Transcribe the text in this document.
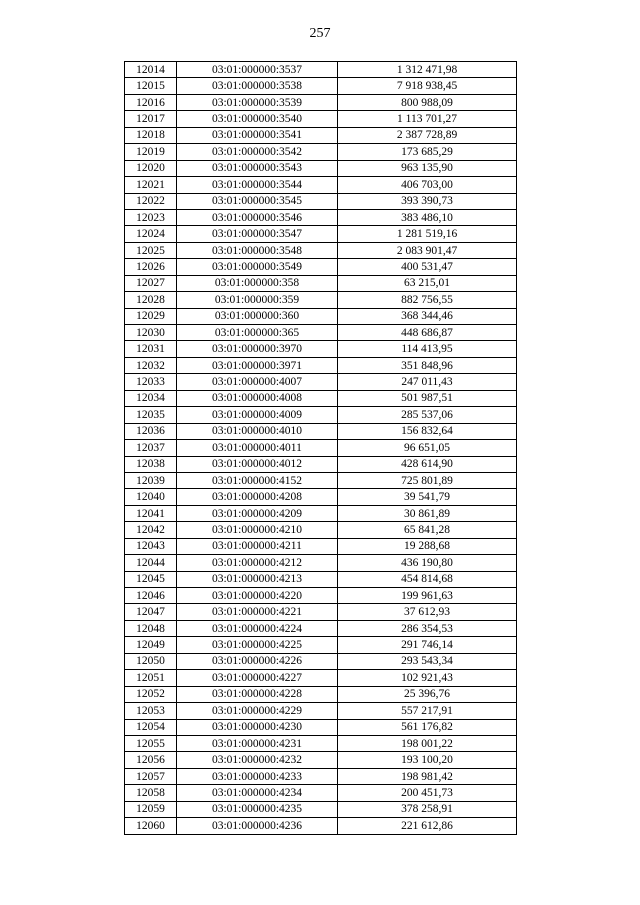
257
12014	03:01:000000:3537	1 312 471,98
12015	03:01:000000:3538	7 918 938,45
12016	03:01:000000:3539	800 988,09
12017	03:01:000000:3540	1 113 701,27
12018	03:01:000000:3541	2 387 728,89
12019	03:01:000000:3542	173 685,29
12020	03:01:000000:3543	963 135,90
12021	03:01:000000:3544	406 703,00
12022	03:01:000000:3545	393 390,73
12023	03:01:000000:3546	383 486,10
12024	03:01:000000:3547	1 281 519,16
12025	03:01:000000:3548	2 083 901,47
12026	03:01:000000:3549	400 531,47
12027	03:01:000000:358	63 215,01
12028	03:01:000000:359	882 756,55
12029	03:01:000000:360	368 344,46
12030	03:01:000000:365	448 686,87
12031	03:01:000000:3970	114 413,95
12032	03:01:000000:3971	351 848,96
12033	03:01:000000:4007	247 011,43
12034	03:01:000000:4008	501 987,51
12035	03:01:000000:4009	285 537,06
12036	03:01:000000:4010	156 832,64
12037	03:01:000000:4011	96 651,05
12038	03:01:000000:4012	428 614,90
12039	03:01:000000:4152	725 801,89
12040	03:01:000000:4208	39 541,79
12041	03:01:000000:4209	30 861,89
12042	03:01:000000:4210	65 841,28
12043	03:01:000000:4211	19 288,68
12044	03:01:000000:4212	436 190,80
12045	03:01:000000:4213	454 814,68
12046	03:01:000000:4220	199 961,63
12047	03:01:000000:4221	37 612,93
12048	03:01:000000:4224	286 354,53
12049	03:01:000000:4225	291 746,14
12050	03:01:000000:4226	293 543,34
12051	03:01:000000:4227	102 921,43
12052	03:01:000000:4228	25 396,76
12053	03:01:000000:4229	557 217,91
12054	03:01:000000:4230	561 176,82
12055	03:01:000000:4231	198 001,22
12056	03:01:000000:4232	193 100,20
12057	03:01:000000:4233	198 981,42
12058	03:01:000000:4234	200 451,73
12059	03:01:000000:4235	378 258,91
12060	03:01:000000:4236	221 612,86
